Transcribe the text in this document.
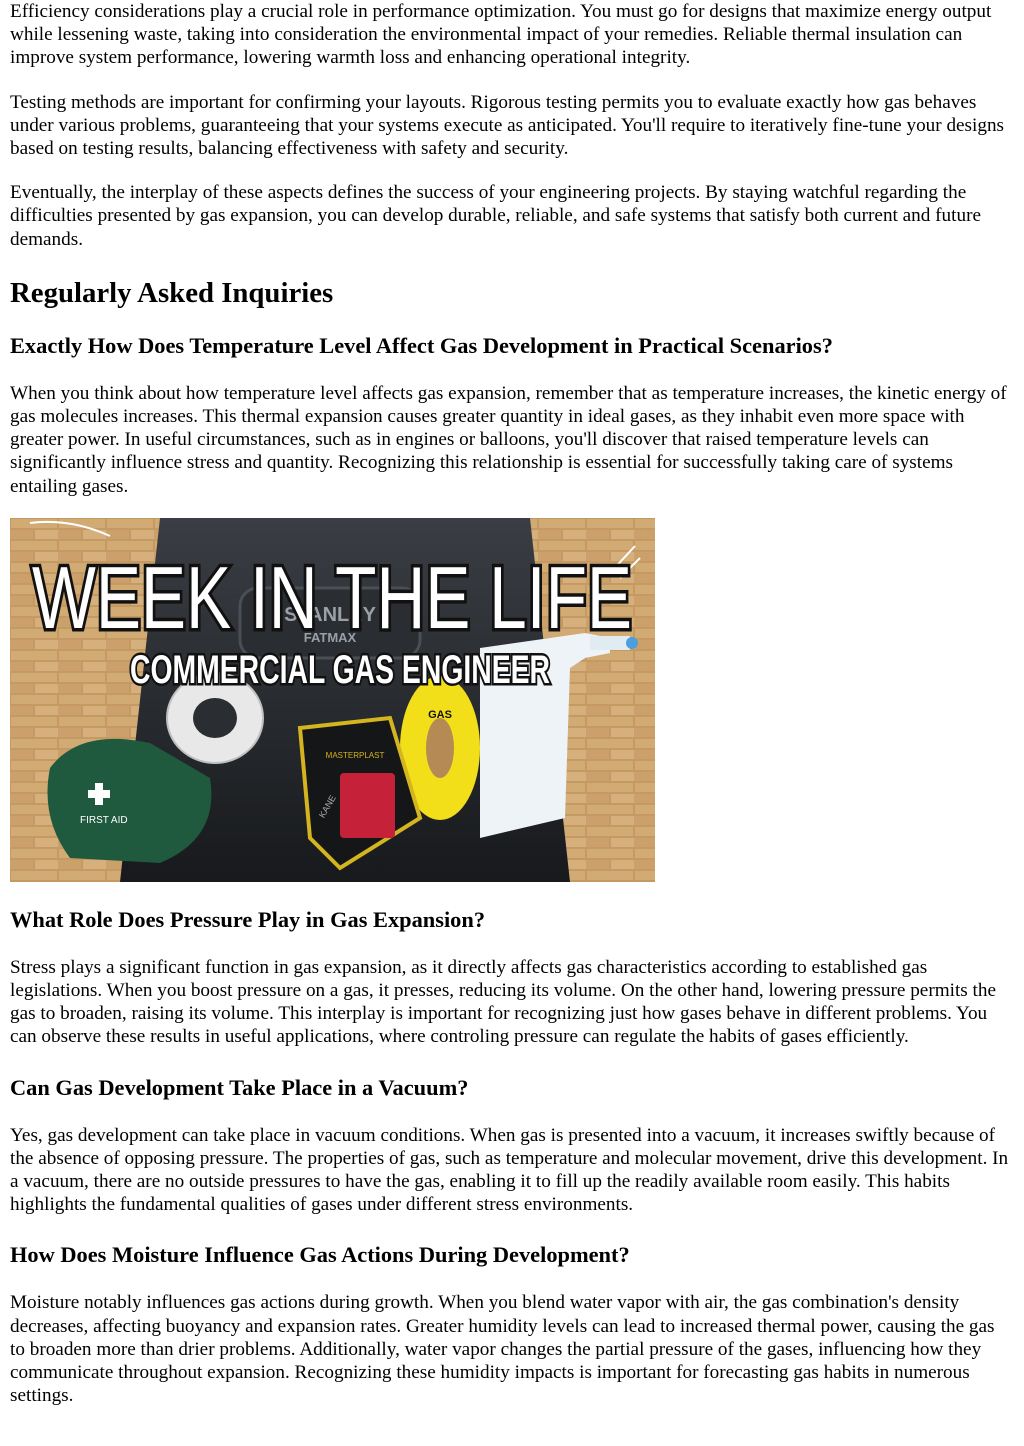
Efficiency considerations play a crucial role in performance optimization. You must go for designs that maximize energy output while lessening waste, taking into consideration the environmental impact of your remedies. Reliable thermal insulation can improve system performance, lowering warmth loss and enhancing operational integrity.

Testing methods are important for confirming your layouts. Rigorous testing permits you to evaluate exactly how gas behaves under various problems, guaranteeing that your systems execute as anticipated. You'll require to iteratively fine-tune your designs based on testing results, balancing effectiveness with safety and security.

Eventually, the interplay of these aspects defines the success of your engineering projects. By staying watchful regarding the difficulties presented by gas expansion, you can develop durable, reliable, and safe systems that satisfy both current and future demands.

Regularly Asked Inquiries
Exactly How Does Temperature Level Affect Gas Development in Practical Scenarios?

When you think about how temperature level affects gas expansion, remember that as temperature increases, the kinetic energy of gas molecules increases. This thermal expansion causes greater quantity in ideal gases, as they inhabit even more space with greater power. In useful circumstances, such as in engines or balloons, you'll discover that raised temperature levels can significantly influence stress and quantity. Recognizing this relationship is essential for successfully taking care of systems entailing gases.

STANLEY
FATMAX
GAS
FIRST AID
MASTERPLAST
KANE
WEEK IN THE LIFE
COMMERCIAL GAS ENGINEER
What Role Does Pressure Play in Gas Expansion?

Stress plays a significant function in gas expansion, as it directly affects gas characteristics according to established gas legislations. When you boost pressure on a gas, it presses, reducing its volume. On the other hand, lowering pressure permits the gas to broaden, raising its volume. This interplay is important for recognizing just how gases behave in different problems. You can observe these results in useful applications, where controling pressure can regulate the habits of gases efficiently.

Can Gas Development Take Place in a Vacuum?

Yes, gas development can take place in vacuum conditions. When gas is presented into a vacuum, it increases swiftly because of the absence of opposing pressure. The properties of gas, such as temperature and molecular movement, drive this development. In a vacuum, there are no outside pressures to have the gas, enabling it to fill up the readily available room easily. This habits highlights the fundamental qualities of gases under different stress environments.

How Does Moisture Influence Gas Actions During Development?

Moisture notably influences gas actions during growth. When you blend water vapor with air, the gas combination's density decreases, affecting buoyancy and expansion rates. Greater humidity levels can lead to increased thermal power, causing the gas to broaden more than drier problems. Additionally, water vapor changes the partial pressure of the gases, influencing how they communicate throughout expansion. Recognizing these humidity impacts is important for forecasting gas habits in numerous settings.
